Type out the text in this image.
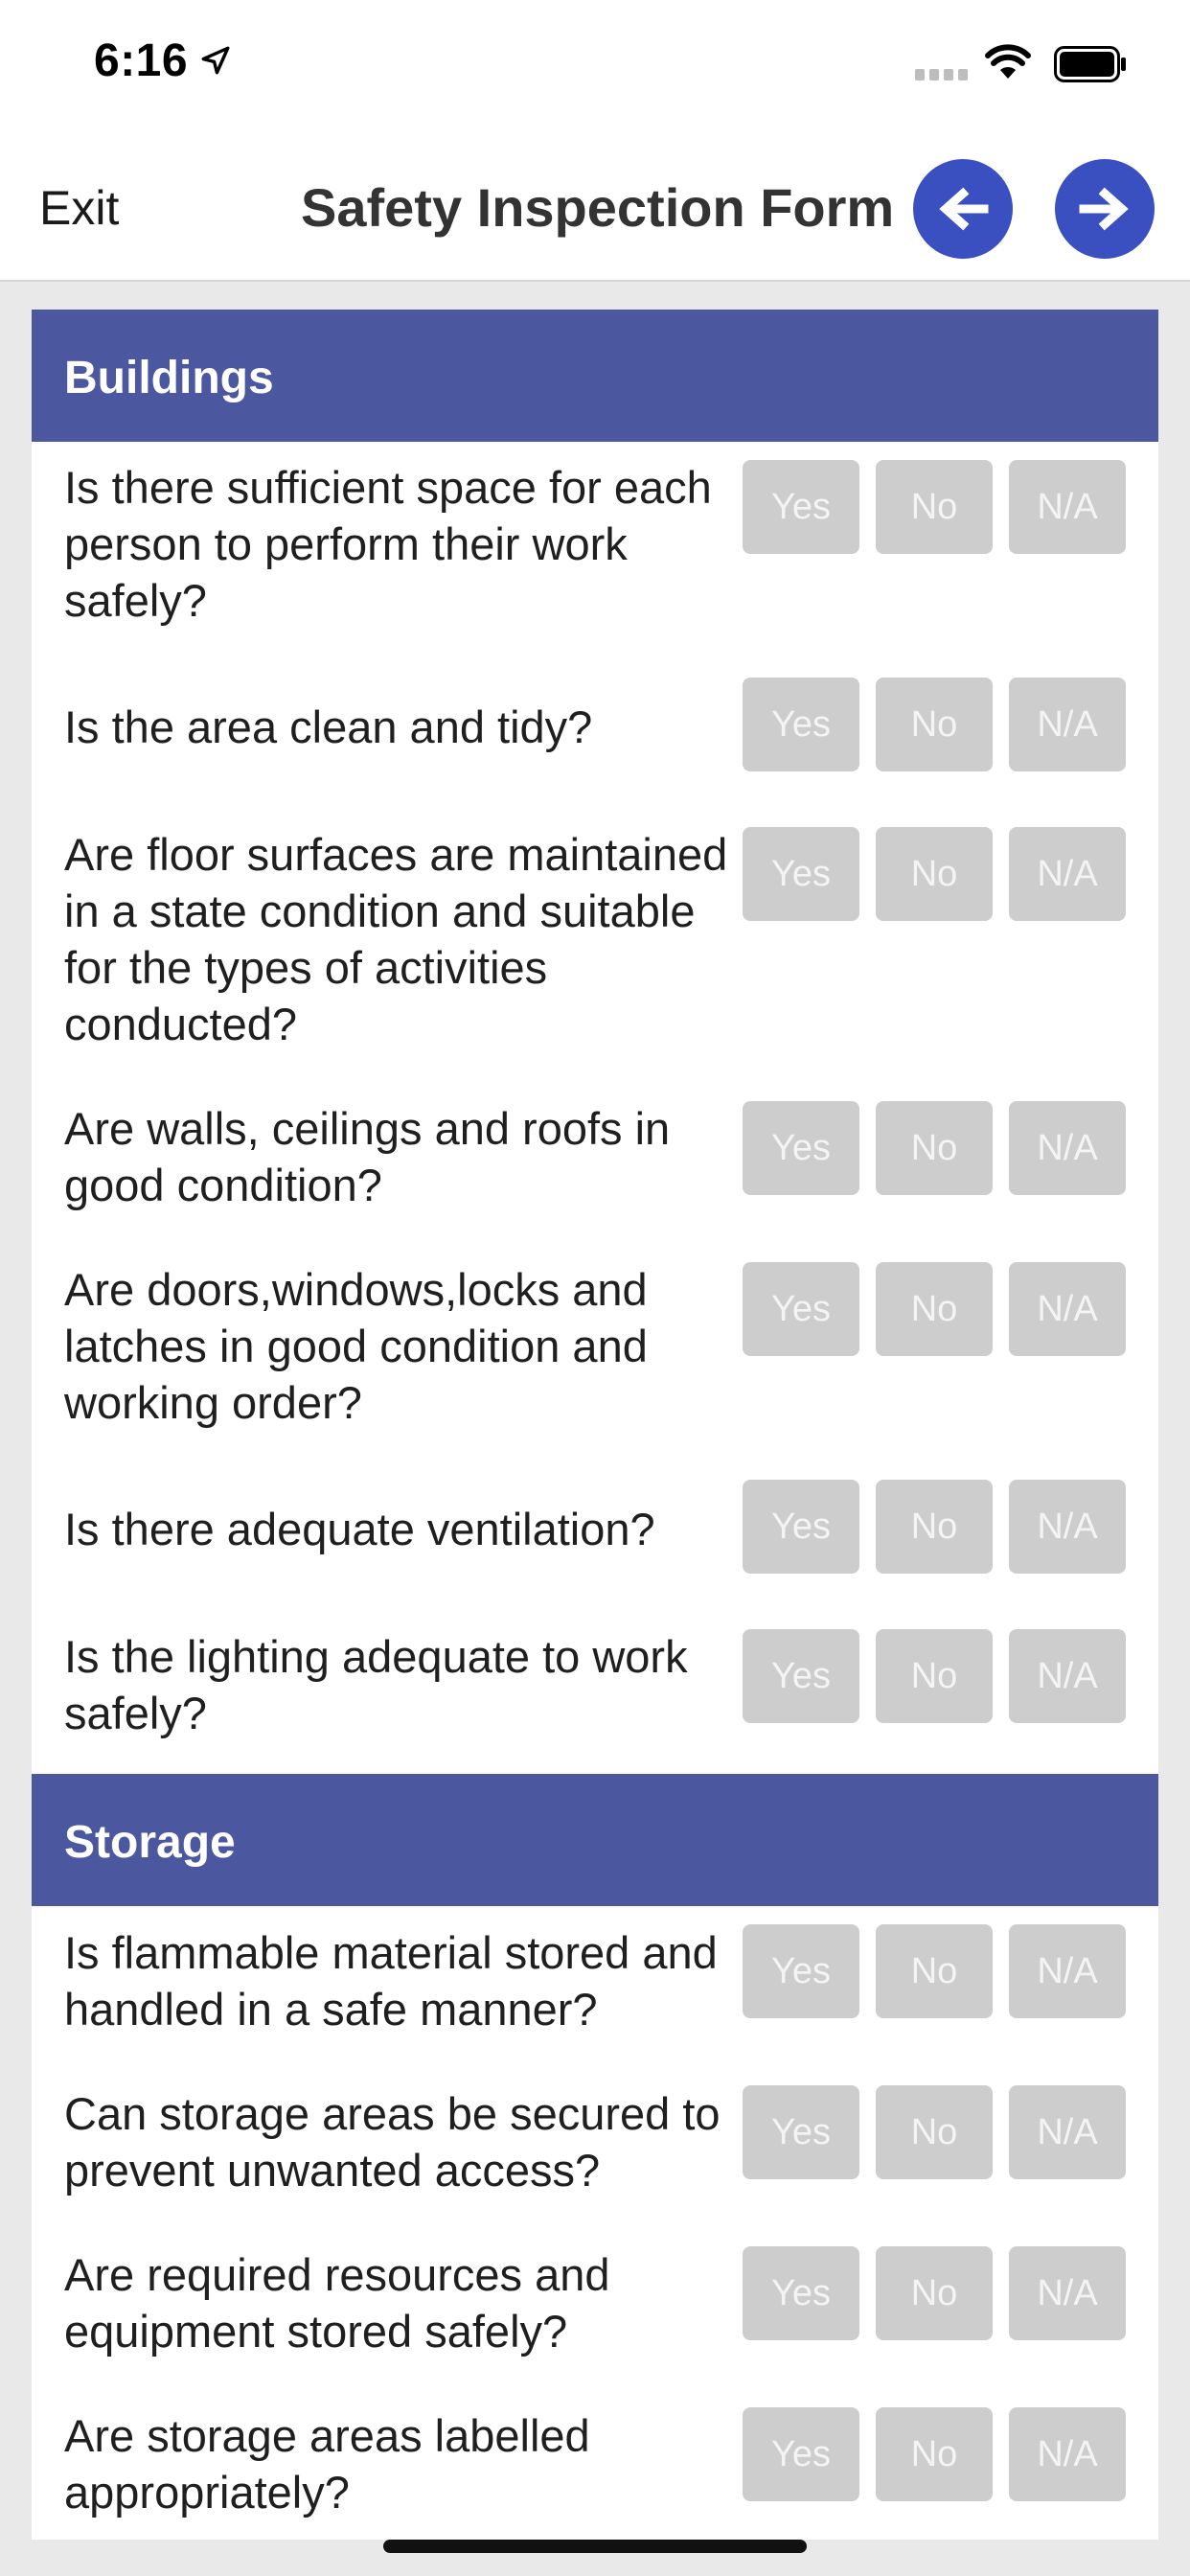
6:16
Exit	Safety Inspection Form
Buildings
Is there sufficient space for each person to perform their work safely?
Yes	No	N/A
Is the area clean and tidy?	Yes	No	N/A
Are floor surfaces are maintained in a state condition and suitable for the types of activities conducted?
Yes	No	N/A
Are walls, ceilings and roofs in good condition?
Yes	No	N/A
Are doors,windows,locks and latches in good condition and working order?
Yes	No	N/A
Is there adequate ventilation?	Yes	No	N/A
Is the lighting adequate to work safely?
Yes	No	N/A
Storage
Is flammable material stored and handled in a safe manner?
Yes	No	N/A
Can storage areas be secured to prevent unwanted access?
Yes	No	N/A
Are required resources and equipment stored safely?
Yes	No	N/A
Are storage areas labelled appropriately?
Yes	No	N/A
